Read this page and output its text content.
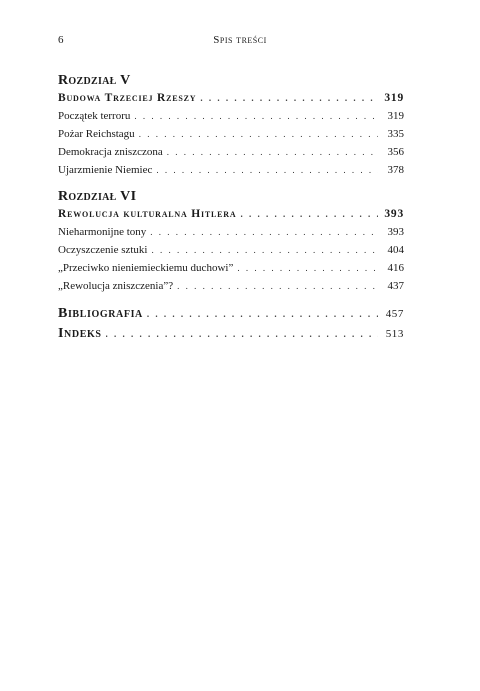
6	Spis treści
Rozdział V
Budowa Trzeciej Rzeszy . . .	319
Początek terroru . . .	319
Pożar Reichstagu . . .	335
Demokracja zniszczona . . .	356
Ujarzmienie Niemiec . . .	378
Rozdział VI
Rewolucja kulturalna Hitlera . . .	393
Nieharmonijne tony . . .	393
Oczyszczenie sztuki . . .	404
„Przeciwko nieniemieckiemu duchowi” . . .	416
„Rewolucja zniszczenia”? . . .	437
Bibliografia . . .	457
Indeks . . .	513
